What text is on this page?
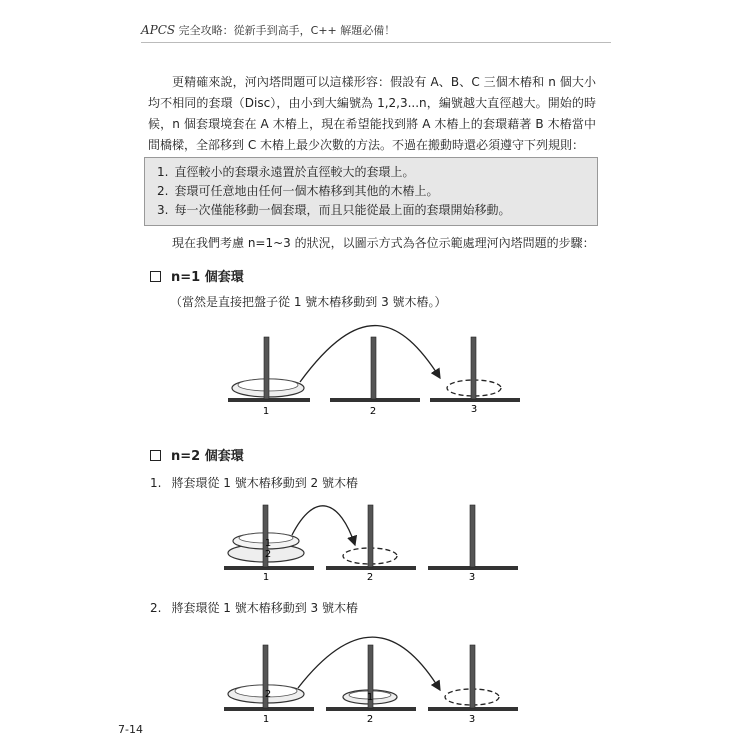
APCS 完全攻略：從新手到高手，C++ 解題必備！
更精確來說，河內塔問題可以這樣形容：假設有 A、B、C 三個木樁和 n 個大小均不相同的套環（Disc），由小到大編號為 1,2,3...n，編號越大直徑越大。開始的時候，n 個套環境套在 A 木樁上，現在希望能找到將 A 木樁上的套環藉著 B 木樁當中間橋樑，全部移到 C 木樁上最少次數的方法。不過在搬動時還必須遵守下列規則：
1. 直徑較小的套環永遠置於直徑較大的套環上。
2. 套環可任意地由任何一個木樁移到其他的木樁上。
3. 每一次僅能移動一個套環，而且只能從最上面的套環開始移動。
現在我們考慮 n=1~3 的狀況，以圖示方式為各位示範處理河內塔問題的步驟：
n=1 個套環
（當然是直接把盤子從 1 號木樁移動到 3 號木樁。）
1	2	3
n=2 個套環
1. 將套環從 1 號木樁移動到 2 號木樁
1
2
1	2	3
2. 將套環從 1 號木樁移動到 3 號木樁
2	1
1	2	3
7-14
